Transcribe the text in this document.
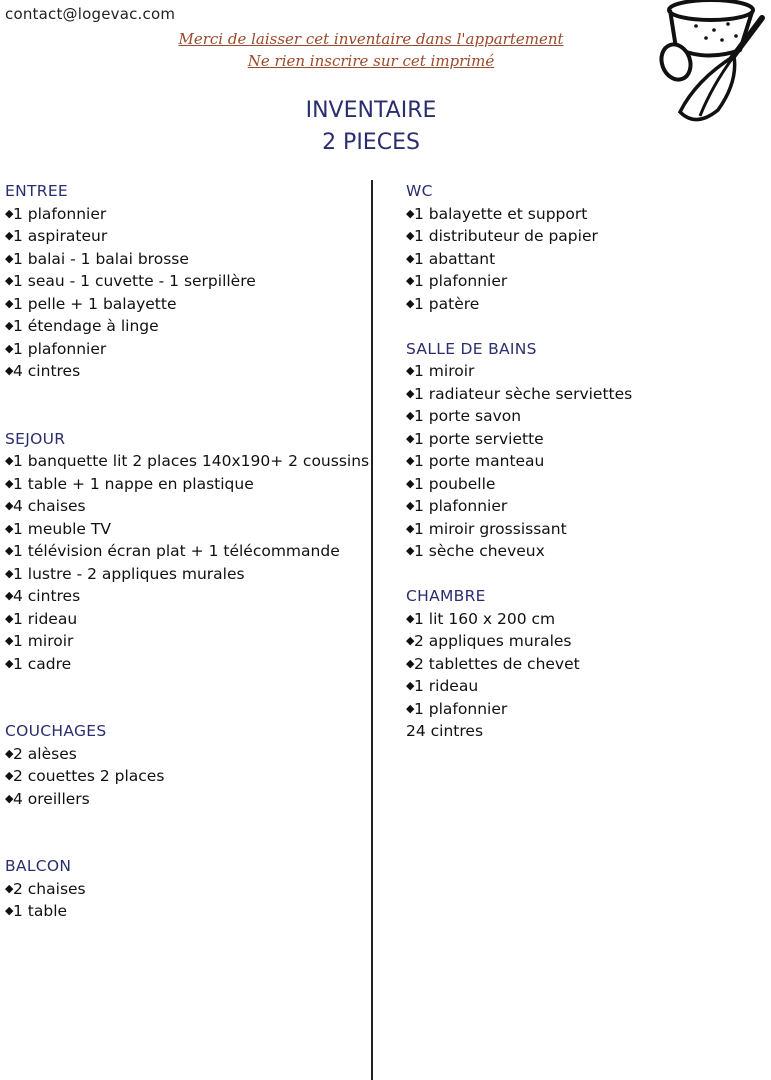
contact@logevac.com
Merci de laisser cet inventaire dans l'appartement
Ne rien inscrire sur cet imprimé
INVENTAIRE
2 PIECES
ENTREE
◆1 plafonnier
◆1 aspirateur
◆1 balai - 1 balai brosse
◆1 seau - 1 cuvette - 1 serpillère
◆1 pelle + 1 balayette
◆1 étendage à linge
◆1 plafonnier
◆4 cintres
SEJOUR
◆1 banquette lit 2 places 140x190+ 2 coussins
◆1 table + 1 nappe en plastique
◆4 chaises
◆1 meuble TV
◆1 télévision écran plat + 1 télécommande
◆1 lustre - 2 appliques murales
◆4 cintres
◆1 rideau
◆1 miroir
◆1 cadre
COUCHAGES
◆2 alèses
◆2 couettes 2 places
◆4 oreillers
BALCON
◆2 chaises
◆1 table
WC
◆1 balayette et support
◆1 distributeur de papier
◆1 abattant
◆1 plafonnier
◆1 patère
SALLE DE BAINS
◆1 miroir
◆1 radiateur sèche serviettes
◆1 porte savon
◆1 porte serviette
◆1 porte manteau
◆1 poubelle
◆1 plafonnier
◆1 miroir grossissant
◆1 sèche cheveux
CHAMBRE
◆1 lit 160 x 200 cm
◆2 appliques murales
◆2 tablettes de chevet
◆1 rideau
◆1 plafonnier
24 cintres
